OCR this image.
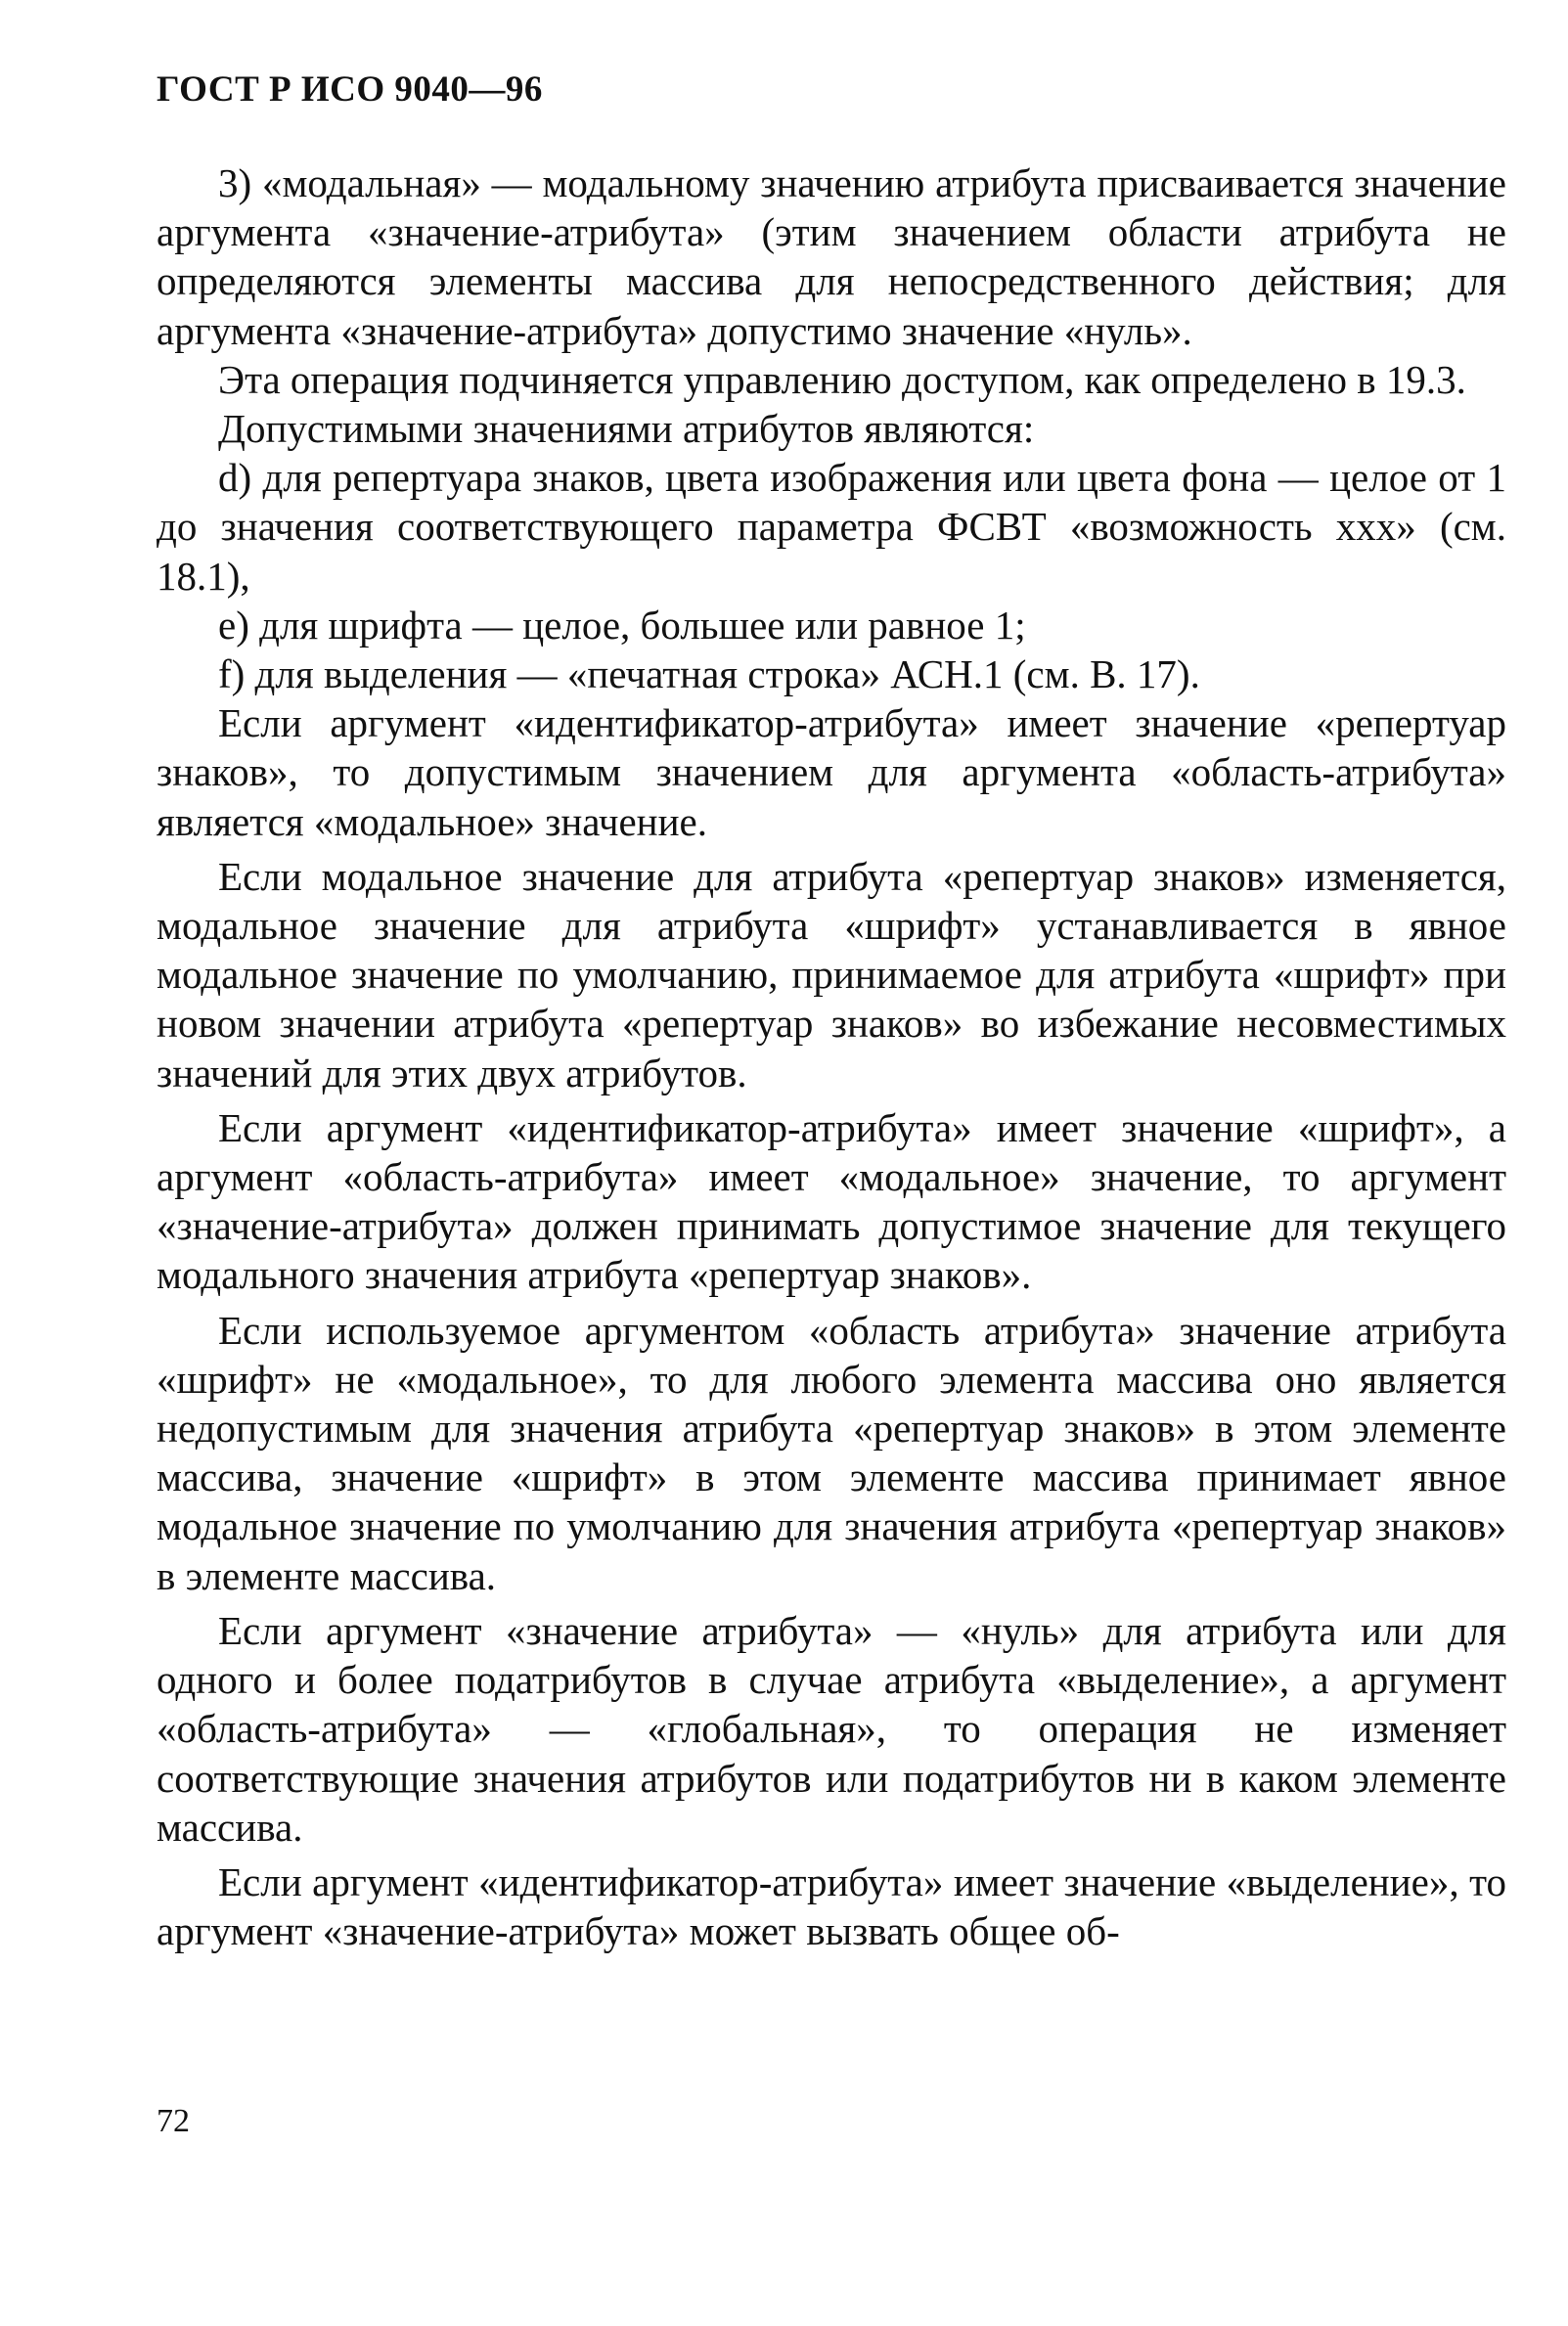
ГОСТ Р ИСО 9040—96

3) «модальная» — модальному значению атрибута присваивается значение аргумента «значение-атрибута» (этим значением области атрибута не определяются элементы массива для непосредственного действия; для аргумента «значение-атрибута» допустимо значение «нуль».

Эта операция подчиняется управлению доступом, как определено в 19.3.

Допустимыми значениями атрибутов являются:

d) для репертуара знаков, цвета изображения или цвета фона — целое от 1 до значения соответствующего параметра ФСВТ «возможность ххх» (см. 18.1),

е) для шрифта — целое, большее или равное 1;

f) для выделения — «печатная строка» АСН.1 (см. В. 17).

Если аргумент «идентификатор-атрибута» имеет значение «репертуар знаков», то допустимым значением для аргумента «область-атрибута» является «модальное» значение.

Если модальное значение для атрибута «репертуар знаков» изменяется, модальное значение для атрибута «шрифт» устанавливается в явное модальное значение по умолчанию, принимаемое для атрибута «шрифт» при новом значении атрибута «репертуар знаков» во избежание несовместимых значений для этих двух атрибутов.

Если аргумент «идентификатор-атрибута» имеет значение «шрифт», а аргумент «область-атрибута» имеет «модальное» значение, то аргумент «значение-атрибута» должен принимать допустимое значение для текущего модального значения атрибута «репертуар знаков».

Если используемое аргументом «область атрибута» значение атрибута «шрифт» не «модальное», то для любого элемента массива оно является недопустимым для значения атрибута «репертуар знаков» в этом элементе массива, значение «шрифт» в этом элементе массива принимает явное модальное значение по умолчанию для значения атрибута «репертуар знаков» в элементе массива.

Если аргумент «значение атрибута» — «нуль» для атрибута или для одного и более податрибутов в случае атрибута «выделение», а аргумент «область-атрибута» — «глобальная», то операция не изменяет соответствующие значения атрибутов или податрибутов ни в каком элементе массива.

Если аргумент «идентификатор-атрибута» имеет значение «выделение», то аргумент «значение-атрибута» может вызвать общее об-

72
